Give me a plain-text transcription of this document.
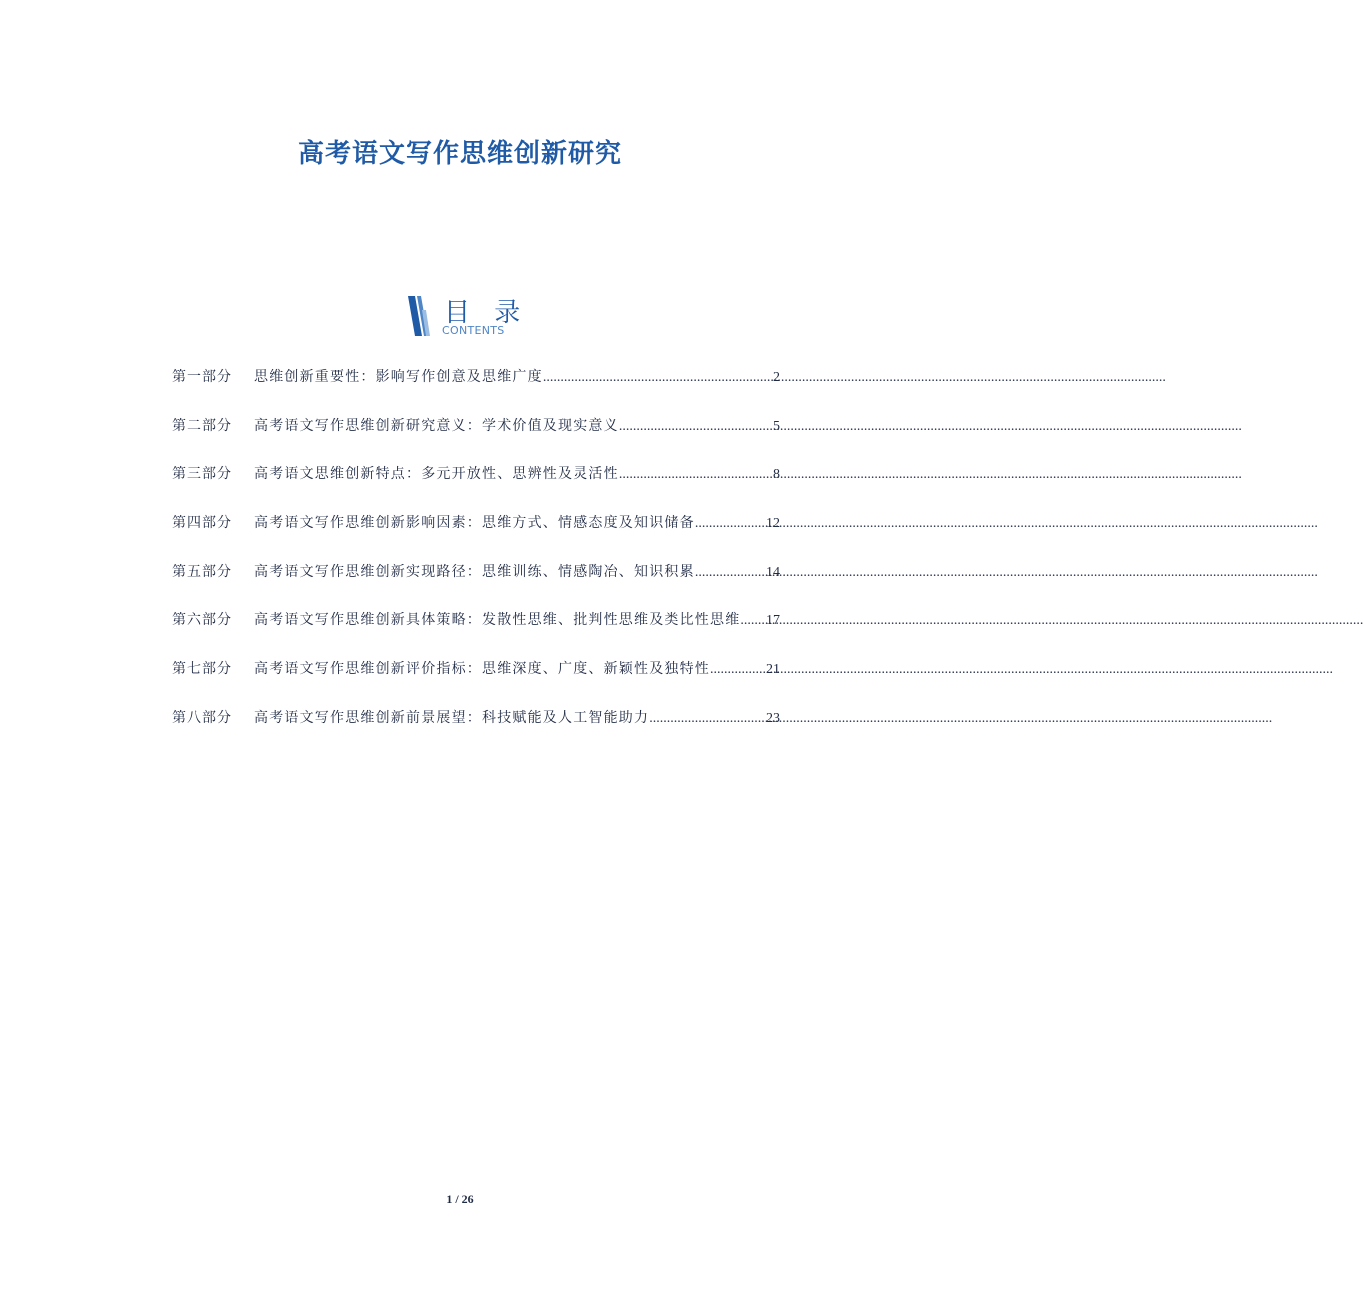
高考语文写作思维创新研究
目 录
CONTENTS
第一部分	思维创新重要性：影响写作创意及思维广度 .....	2
第二部分	高考语文写作思维创新研究意义：学术价值及现实意义 .....	5
第三部分	高考语文思维创新特点：多元开放性、思辨性及灵活性 .....	8
第四部分	高考语文写作思维创新影响因素：思维方式、情感态度及知识储备 .....	12
第五部分	高考语文写作思维创新实现路径：思维训练、情感陶冶、知识积累 .....	14
第六部分	高考语文写作思维创新具体策略：发散性思维、批判性思维及类比性思维 ..... 17
第七部分	高考语文写作思维创新评价指标：思维深度、广度、新颖性及独特性 .....	21
第八部分	高考语文写作思维创新前景展望：科技赋能及人工智能助力 .....	23
1 / 26
